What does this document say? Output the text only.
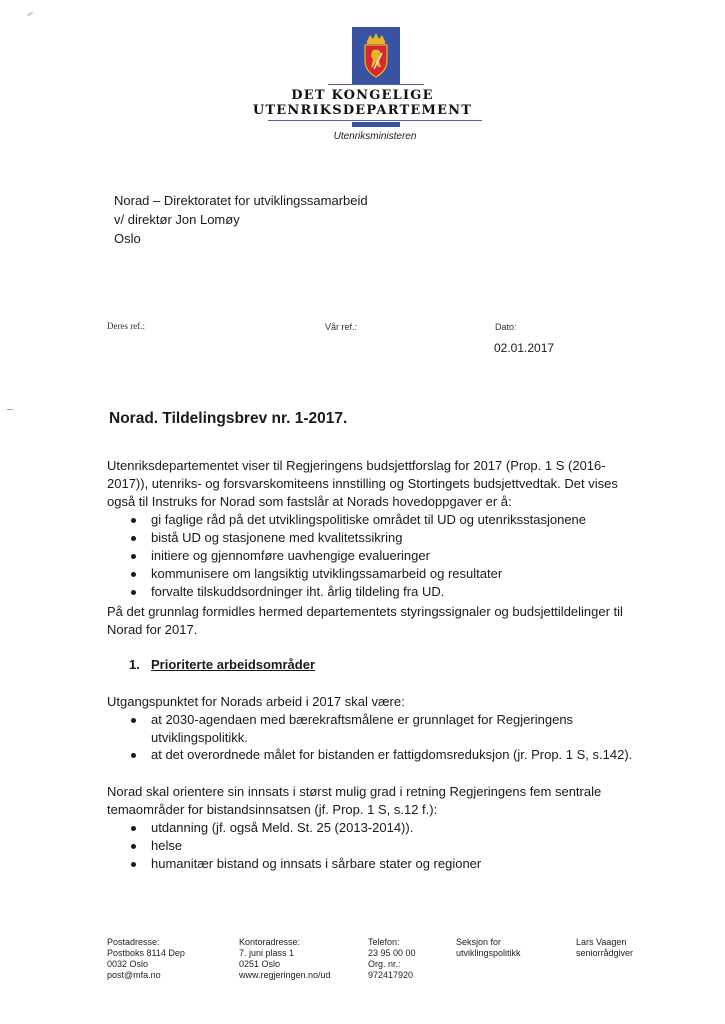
DET KONGELIGE
UTENRIKSDEPARTEMENT
Utenriksministeren
Norad – Direktoratet for utviklingssamarbeid
v/ direktør Jon Lomøy
Oslo
Deres ref.:	Vår ref.:	Dato:
02.01.2017
Norad. Tildelingsbrev nr. 1-2017.
Utenriksdepartementet viser til Regjeringens budsjettforslag for 2017 (Prop. 1 S (2016-
2017)), utenriks- og forsvarskomiteens innstilling og Stortingets budsjettvedtak. Det vises
også til Instruks for Norad som fastslår at Norads hovedoppgaver er å:
gi faglige råd på det utviklingspolitiske området til UD og utenriksstasjonene
bistå UD og stasjonene med kvalitetssikring
initiere og gjennomføre uavhengige evalueringer
kommunisere om langsiktig utviklingssamarbeid og resultater
forvalte tilskuddsordninger iht. årlig tildeling fra UD.
På det grunnlag formidles hermed departementets styringssignaler og budsjettildelinger til
Norad for 2017.
1. Prioriterte arbeidsområder
Utgangspunktet for Norads arbeid i 2017 skal være:
at 2030-agendaen med bærekraftsmålene er grunnlaget for Regjeringens
utviklingspolitikk.
at det overordnede målet for bistanden er fattigdomsreduksjon (jr. Prop. 1 S, s.142).
Norad skal orientere sin innsats i størst mulig grad i retning Regjeringens fem sentrale
temaområder for bistandsinnsatsen (jf. Prop. 1 S, s.12 f.):
utdanning (jf. også Meld. St. 25 (2013-2014)).
helse
humanitær bistand og innsats i sårbare stater og regioner
Postadresse:
Postboks 8114 Dep
0032 Oslo
post@mfa.no
Kontoradresse:
7. juni plass 1
0251 Oslo
www.regjeringen.no/ud
Telefon:
23 95 00 00
Org. nr.:
972417920
Seksjon for
utviklingspolitikk
Lars Vaagen
seniorrådgiver
